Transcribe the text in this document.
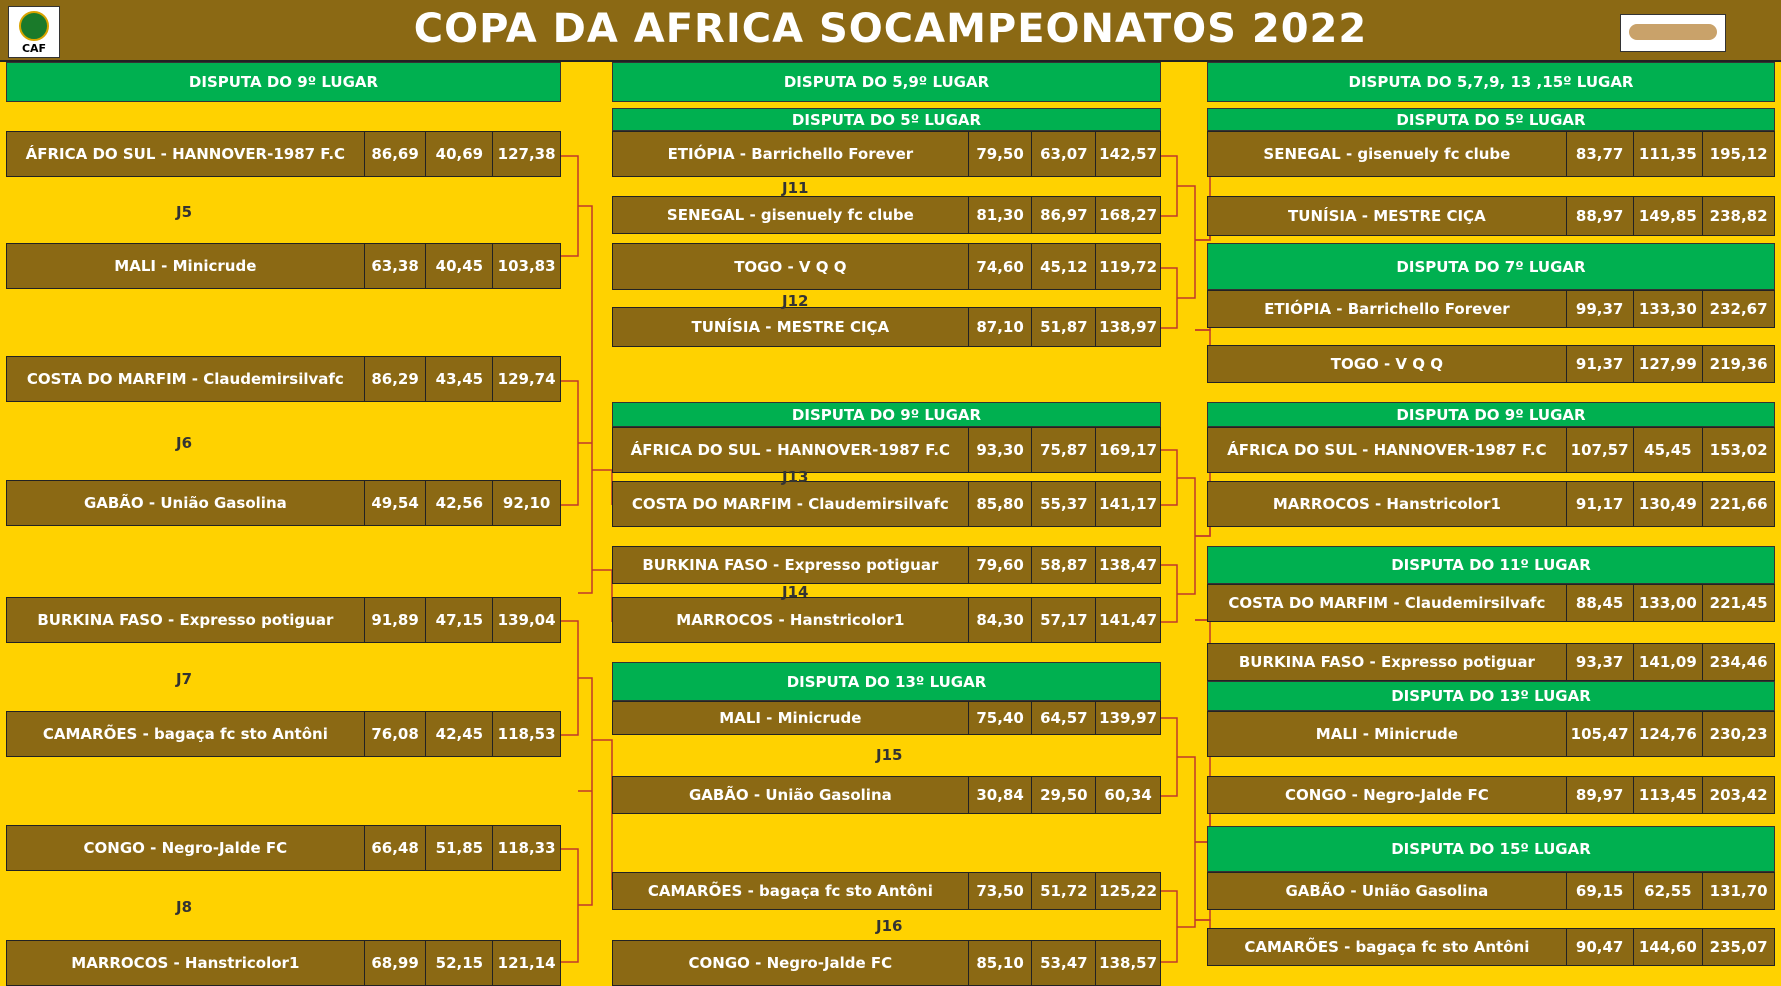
CAF	COPA DA AFRICA SOCAMPEONATOS 2022
DISPUTA DO 9º LUGAR	DISPUTA DO 5,9º LUGAR	DISPUTA DO 5,7,9, 13 ,15º LUGAR
ÁFRICA DO SUL - HANNOVER-1987 F.C	86,69	40,69 127,38
MALI - Minicrude	63,38	40,45 103,83
COSTA DO MARFIM - Claudemirsilvafc	86,29	43,45 129,74
GABÃO - União Gasolina	49,54	42,56	92,10
BURKINA FASO - Expresso potiguar	91,89	47,15 139,04
CAMARÕES - bagaça fc sto Antôni	76,08	42,45 118,53
CONGO - Negro-Jalde FC	66,48	51,85 118,33
MARROCOS - Hanstricolor1	68,99	52,15 121,14
J5
J6
J7
J8
DISPUTA DO 5º LUGAR
DISPUTA DO 9º LUGAR
DISPUTA DO 13º LUGAR
ETIÓPIA - Barrichello Forever	79,50	63,07 142,57
SENEGAL - gisenuely fc clube	81,30	86,97 168,27
TOGO - V Q Q	74,60	45,12 119,72
TUNÍSIA - MESTRE CIÇA	87,10	51,87 138,97
ÁFRICA DO SUL - HANNOVER-1987 F.C	93,30	75,87 169,17
COSTA DO MARFIM - Claudemirsilvafc	85,80	55,37 141,17
BURKINA FASO - Expresso potiguar	79,60	58,87 138,47
MARROCOS - Hanstricolor1	84,30	57,17 141,47
MALI - Minicrude	75,40	64,57 139,97
GABÃO - União Gasolina	30,84	29,50	60,34
CAMARÕES - bagaça fc sto Antôni	73,50	51,72 125,22
CONGO - Negro-Jalde FC	85,10	53,47 138,57
J11
J12
J13
J14
J15
J16
DISPUTA DO 5º LUGAR
DISPUTA DO 7º LUGAR
DISPUTA DO 9º LUGAR
DISPUTA DO 11º LUGAR
DISPUTA DO 13º LUGAR
DISPUTA DO 15º LUGAR
SENEGAL - gisenuely fc clube	83,77	111,35 195,12
TUNÍSIA - MESTRE CIÇA	88,97	149,85 238,82
ETIÓPIA - Barrichello Forever	99,37	133,30 232,67
TOGO - V Q Q	91,37	127,99 219,36
ÁFRICA DO SUL - HANNOVER-1987 F.C	107,57	45,45	153,02
MARROCOS - Hanstricolor1	91,17	130,49 221,66
COSTA DO MARFIM - Claudemirsilvafc	88,45	133,00 221,45
BURKINA FASO - Expresso potiguar	93,37	141,09 234,46
MALI - Minicrude	105,47 124,76 230,23
CONGO - Negro-Jalde FC	89,97	113,45 203,42
GABÃO - União Gasolina	69,15	62,55	131,70
CAMARÕES - bagaça fc sto Antôni	90,47	144,60 235,07
